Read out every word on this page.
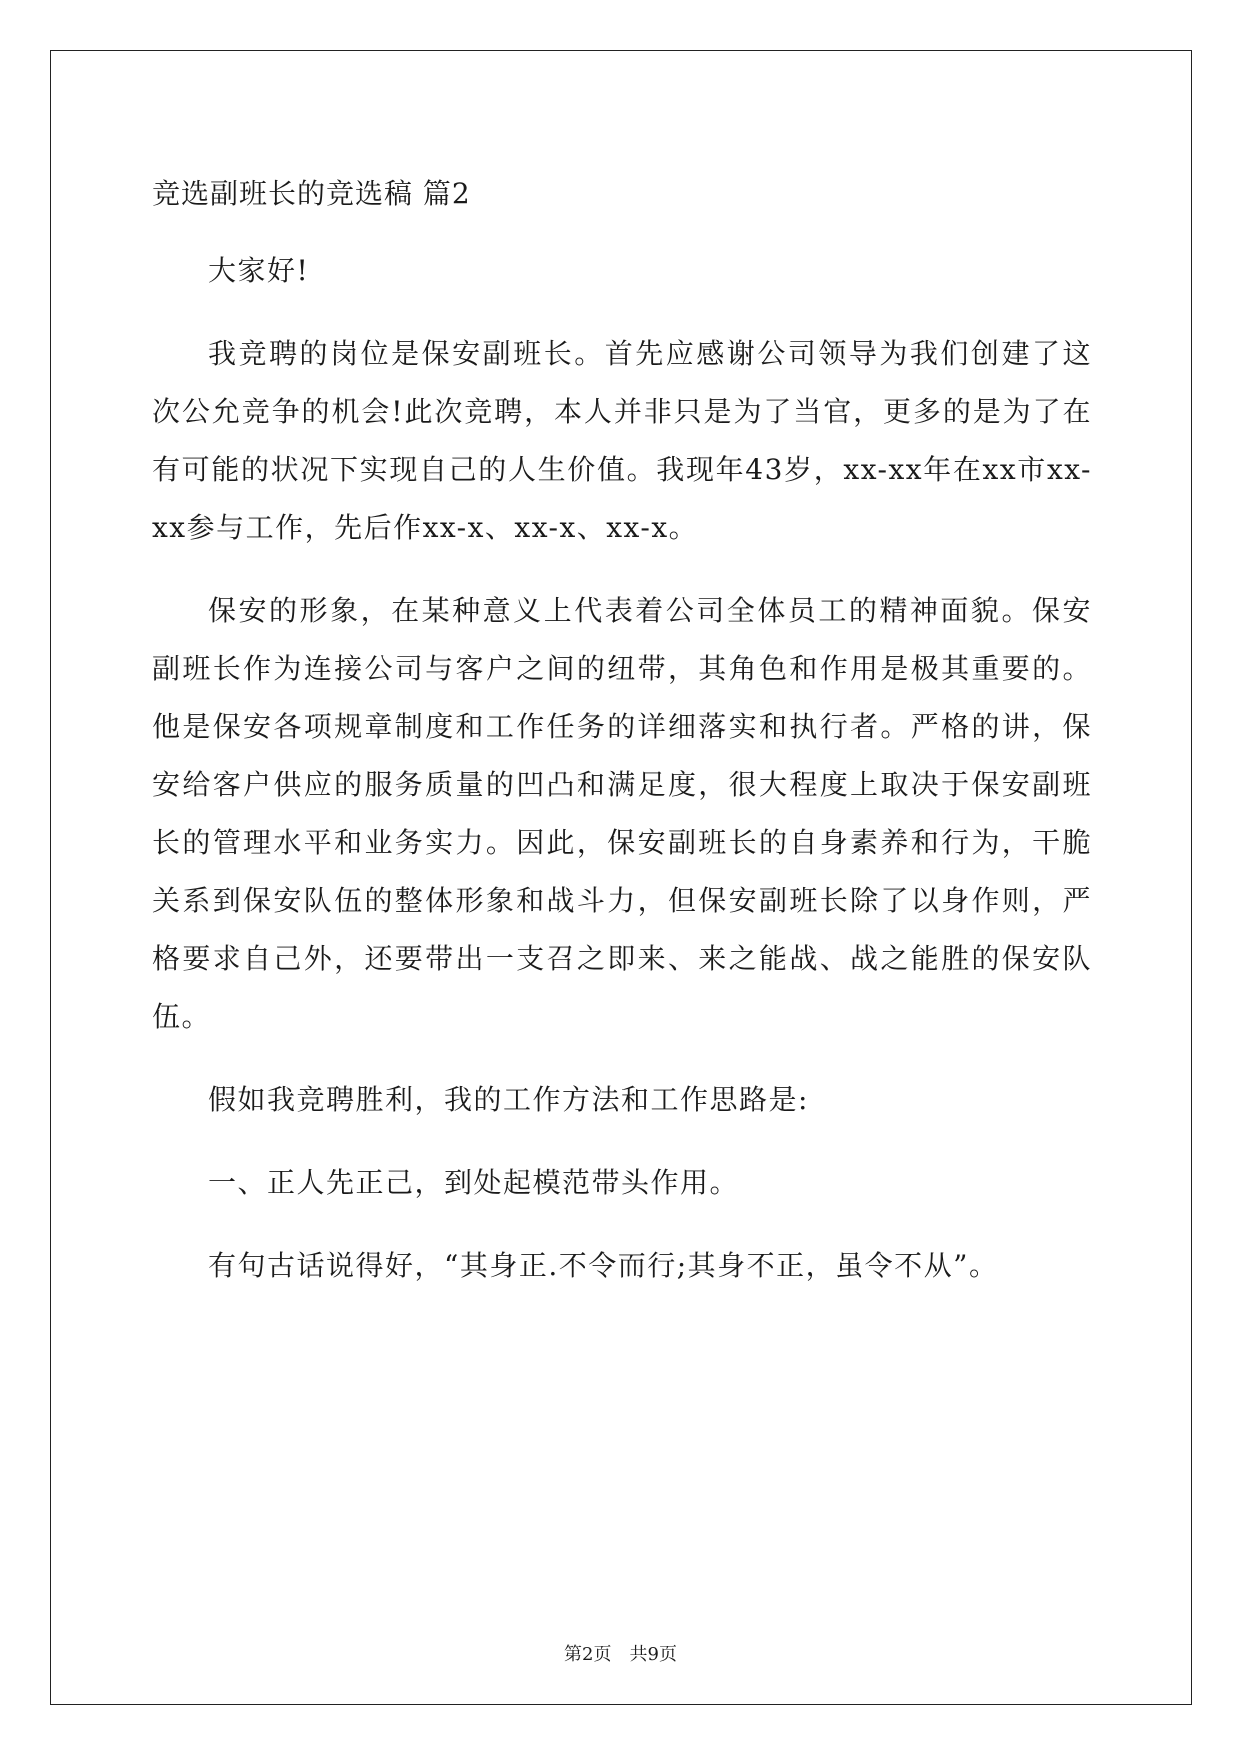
竞选副班长的竞选稿 篇2

大家好!

我竞聘的岗位是保安副班长。首先应感谢公司领导为我们创建了这次公允竞争的机会!此次竞聘，本人并非只是为了当官，更多的是为了在有可能的状况下实现自己的人生价值。我现年43岁，xx-xx年在xx市xx-xx参与工作，先后作xx-x、xx-x、xx-x。

保安的形象，在某种意义上代表着公司全体员工的精神面貌。保安副班长作为连接公司与客户之间的纽带，其角色和作用是极其重要的。他是保安各项规章制度和工作任务的详细落实和执行者。严格的讲，保安给客户供应的服务质量的凹凸和满足度，很大程度上取决于保安副班长的管理水平和业务实力。因此，保安副班长的自身素养和行为，干脆关系到保安队伍的整体形象和战斗力，但保安副班长除了以身作则，严格要求自己外，还要带出一支召之即来、来之能战、战之能胜的保安队伍。

假如我竞聘胜利，我的工作方法和工作思路是:

一、正人先正己，到处起模范带头作用。

有句古话说得好，“其身正.不令而行;其身不正，虽令不从”。

第2页 共9页
